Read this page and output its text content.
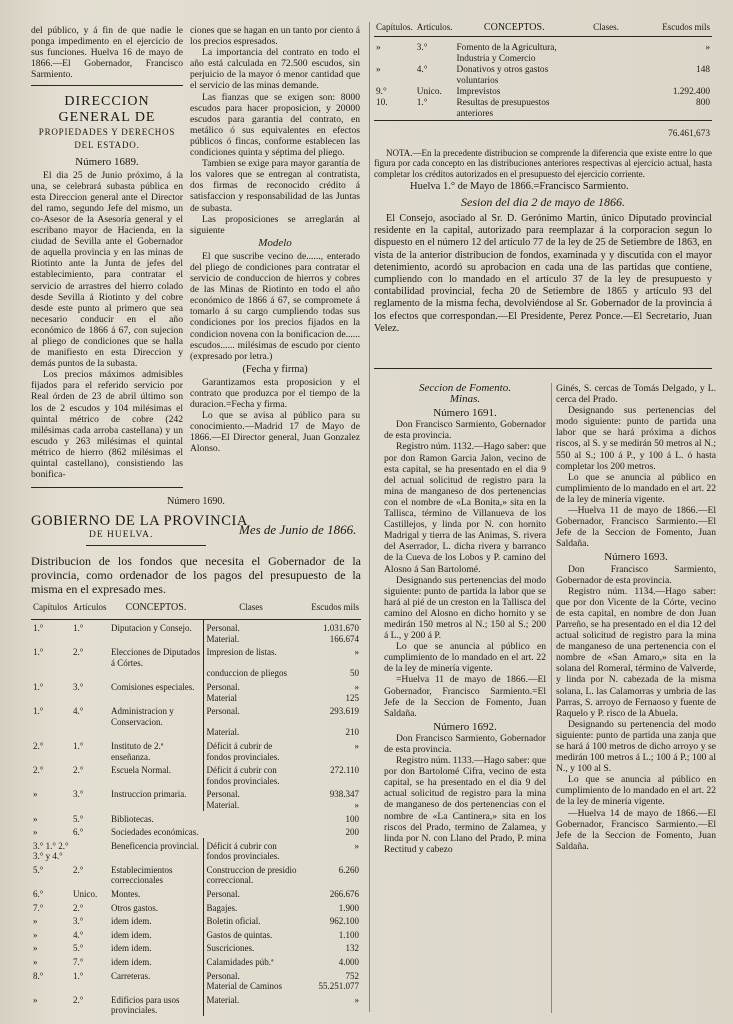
del público, y á fin de que nadie le ponga impedimento en el ejercicio de sus funciones. Huelva 16 de mayo de 1866.—El Gobernador, Francisco Sarmiento.

DIRECCION GENERAL DE
PROPIEDADES Y DERECHOS
DEL ESTADO.
Número 1689.

El dia 25 de Junio próximo, á la una, se celebrará subasta pública en esta Direccion general ante el Director del ramo, segundo Jefe del mismo, un co-Asesor de la Asesoría general y el escribano mayor de Hacienda, en la ciudad de Sevilla ante el Gobernador de aquella provincia y en las minas de Riotinto ante la Junta de jefes del establecimiento, para contratar el servicio de arrastres del hierro colado desde Sevilla á Riotinto y del cobre desde este punto al primero que sea necesario conducir en el año económico de 1866 á 67, con sujecion al pliego de condiciones que se halla de manifiesto en esta Direccion y demás puntos de la subasta.

Los precios máximos admisibles fijados para el referido servicio por Real órden de 23 de abril último son los de 2 escudos y 104 milésimas el quintal métrico de cobre (242 milésimas cada arroba castellana) y un escudo y 263 milésimas el quintal métrico de hierro (862 milésimas el quintal castellano), consistiendo las bonifica-

ciones que se hagan en un tanto por ciento á los precios espresados.

La importancia del contrato en todo el año está calculada en 72.500 escudos, sin perjuicio de la mayor ó menor cantidad que el servicio de las minas demande.

Las fianzas que se exigen son: 8000 escudos para hacer proposicion, y 20000 escudos para garantia del contrato, en metálico ó sus equivalentes en efectos públicos ó fincas, conforme establecen las condiciones quinta y séptima del pliego.

Tambien se exige para mayor garantía de los valores que se entregan al contratista, dos firmas de reconocido crédito á satisfaccion y responsabilidad de las Juntas de subasta.

Las proposiciones se arreglarán al siguiente

Modelo

El que suscribe vecino de......, enterado del pliego de condiciones para contratar el servicio de conduccion de hierros y cobres de las Minas de Riotinto en todo el año económico de 1866 á 67, se compromete á tomarlo á su cargo cumpliendo todas sus condiciones por los precios fijados en la condicion novena con la bonificacion de...... escudos...... milésimas de escudo por ciento (expresado por letra.)

(Fecha y firma)

Garantizamos esta proposicion y el contrato que produzca por el tiempo de la duracion.=Fecha y firma.

Lo que se avisa al público para su conocimiento.—Madrid 17 de Mayo de 1866.—El Director general, Juan Gonzalez Alonso.

Capítulos.	Artículos.	CONCEPTOS.	Clases.	Escudos mils

»	3.°	Fomento de la Agricultura, Industria y Comercio		»
»	4.°	Donativos y otros gastos voluntarios		148
9.°	Unico.	Imprevistos		1.292.400
10.	1.°	Resultas de presupuestos anteriores		800
				76.461,673
NOTA.—En la precedente distribucion se comprende la diferencia que existe entre lo que figura por cada concepto en las distribuciones anteriores respectivas al ejercicio actual, hasta completar los créditos autorizados en el presupuesto del ejercicio corriente.
Huelva 1.° de Mayo de 1866.=Francisco Sarmiento.
Sesion del dia 2 de mayo de 1866.
El Consejo, asociado al Sr. D. Gerónimo Martin, único Diputado provincial residente en la capital, autorizado para reemplazar á la corporacion segun lo dispuesto en el número 12 del artículo 77 de la ley de 25 de Setiembre de 1863, en vista de la anterior distribucion de fondos, examinada y y discutida con el mayor detenimiento, acordó su aprobacion en cada una de las partidas que contiene, cumpliendo con lo mandado en el artículo 37 de la ley de presupuesto y contabilidad provincial, fecha 20 de Setiembre de 1865 y artículo 93 del reglamento de la misma fecha, devolviéndose al Sr. Gobernador de la provincia á los efectos que correspondan.—El Presidente, Perez Ponce.—El Secretario, Juan Velez.
Número 1690.
GOBIERNO DE LA PROVINCIA
DE HUELVA.	Mes de Junio de 1866.
Distribucion de los fondos que necesita el Gobernador de la provincia, como ordenador de los pagos del presupuesto de la misma en el expresado mes.
Capítulos	Artículos	CONCEPTOS.	Clases	Escudos mils
1.°	1.°	Diputacion y Consejo.	Personal.	1.031.670
			Material.	166.674
1.°	2.°	Elecciones de Diputados á Córtes.	Impresion de listas.	»
			conduccion de pliegos	50
1.°	3.°	Comisiones especiales.	Personal.	»
			Material	125
1.°	4.°	Administracion y Conservacion.	Personal.	293.619
			Material.	210
2.°	1.°	Instituto de 2.ª enseñanza.	Déficit á cubrir de fondos provinciales.	»
2.°	2.°	Escuela Normal.	Déficit á cubrir con fondos provinciales.	272.110
»	3.°	Instruccion primaria.	Personal.	938.347
			Material.	»
»	5.°	Bibliotecas.		100
»	6.°	Sociedades económicas.		200
3.° 1.° 2.° 3.° y 4.°		Beneficencia provincial.	Déficit á cubrir con fondos provinciales.	»
5.°	2.°	Establecimientos correccionales	Construccion de presidio correccional.	6.260
6.°	Unico.	Montes.	Personal.	266.676
7.°	2.°	Otros gastos.	Bagajes.	1.900
»	3.°	idem idem.	Boletin oficial.	962.100
»	4.°	idem idem.	Gastos de quintas.	1.100
»	5.°	idem idem.	Suscriciones.	132
»	7.°	idem idem.	Calamidades púb.ª	4.000
8.°	1.°	Carreteras.	Personal.	752
			Material de Caminos	55.251.077
»	2.°	Edificios para usos provinciales.	Material.	»
Seccion de Fomento.
Minas.
Número 1691.

Don Francisco Sarmiento, Gobernador de esta provincia.

Registro núm. 1132.—Hago saber: que por don Ramon Garcia Jalon, vecino de esta capital, se ha presentado en el dia 9 del actual solicitud de registro para la mina de manganeso de dos pertenencias con el nombre de «La Bonita,» sita en la Tallisca, término de Villanueva de los Castillejos, y linda por N. con hornito Madrigal y tierra de las Animas, S. rivera del Aserrador, L. dicha rivera y barranco de la Cueva de los Lobos y P. camino del Alosno á San Bartolomé.

Designando sus pertenencias del modo siguiente: punto de partida la labor que se hará al pié de un creston en la Tallisca del camino del Alosno en dicho hornito y se medirán 150 metros al N.; 150 al S.; 200 á L., y 200 á P.

Lo que se anuncia al público en cumplimiento de lo mandado en el art. 22 de la ley de minería vigente.

=Huelva 11 de mayo de 1866.—El Gobernador, Francisco Sarmiento.=El Jefe de la Seccion de Fomento, Juan Saldaña.

Número 1692.

Don Francisco Sarmiento, Gobernador de esta provincia.

Registro núm. 1133.—Hago saber: que por don Bartolomé Cifra, vecino de esta capital, se ha presentado en el dia 9 del actual solicitud de registro para la mina de manganeso de dos pertenencias con el nombre de «La Cantinera,» sita en los riscos del Prado, termino de Zalamea, y linda por N. con Llano del Prado, P. mina Rectitud y cabezo

Ginés, S. cercas de Tomás Delgado, y L. cerca del Prado.

Designando sus pertenencias del modo siguiente: punto de partida una labor que se hará próxima a dichos riscos, al S. y se medirán 50 metros al N.; 550 al S.; 100 á P., y 100 á L. ó hasta completar los 200 metros.

Lo que se anuncia al público en cumplimiento de lo mandado en el art. 22 de la ley de minería vigente.

—Huelva 11 de mayo de 1866.—El Gobernador, Francisco Sarmiento.—El Jefe de la Seccion de Fomento, Juan Saldaña.

Número 1693.

Don Francisco Sarmiento, Gobernador de esta provincia.

Registro núm. 1134.—Hago saber: que por don Vicente de la Córte, vecino de esta capital, en nombre de don Juan Parreño, se ha presentado en el dia 12 del actual solicitud de registro para la mina de manganeso de una pertenencia con el nombre de «San Amaro,» sita en la solana del Romeral, término de Valverde, y linda por N. cabezada de la misma solana, L. las Calamorras y umbria de las Parras, S. arroyo de Fernaoso y fuente de Raquelo y P. risco de la Abuela.

Designando su pertenencia del modo siguiente: punto de partida una zanja que se hará á 100 metros de dicho arroyo y se medirán 100 metros á L.; 100 á P.; 100 al N., y 100 al S.

Lo que se anuncia al público en cumplimiento de lo mandado en el art. 22 de la ley de minería vigente.

—Huelva 14 de mayo de 1866.—El Gobernador, Francisco Sarmiento.—El Jefe de la Seccion de Fomento, Juan Saldaña.
